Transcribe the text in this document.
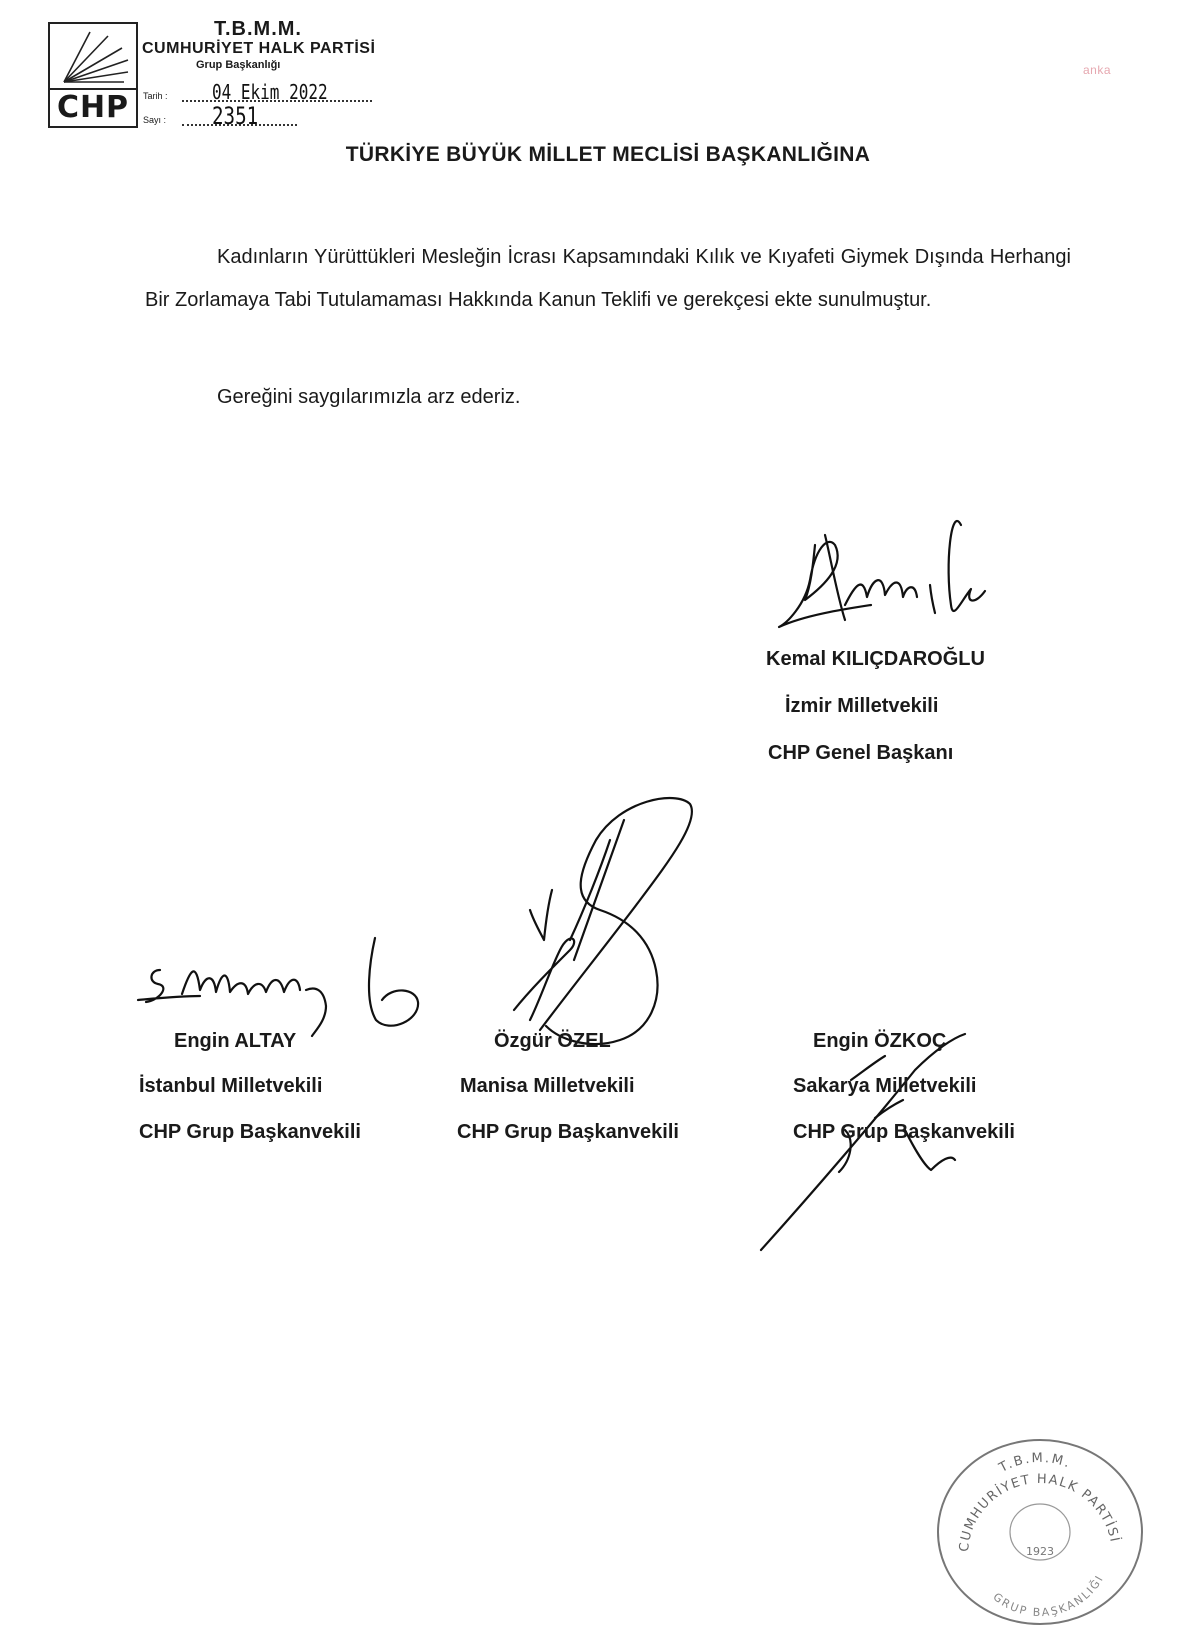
CHP
T.B.M.M.
CUMHURİYET HALK PARTİSİ
Grup Başkanlığı
Tarih : 04 Ekim 2022
Sayı : 2351
anka
TÜRKİYE BÜYÜK MİLLET MECLİSİ BAŞKANLIĞINA

Kadınların Yürüttükleri Mesleğin İcrası Kapsamındaki Kılık ve Kıyafeti Giymek Dışında Herhangi Bir Zorlamaya Tabi Tutulamaması Hakkında Kanun Teklifi ve gerekçesi ekte sunulmuştur.

Gereğini saygılarımızla arz ederiz.
Kemal KILIÇDAROĞLU
İzmir Milletvekili
CHP Genel Başkanı
Engin ALTAY
İstanbul Milletvekili
CHP Grup Başkanvekili
Özgür ÖZEL
Manisa Milletvekili
CHP Grup Başkanvekili
Engin ÖZKOÇ
Sakarya Milletvekili
CHP Grup Başkanvekili
T.B.M.M.
CUMHURİYET HALK PARTİSİ
GRUP BAŞKANLIĞI
1923
